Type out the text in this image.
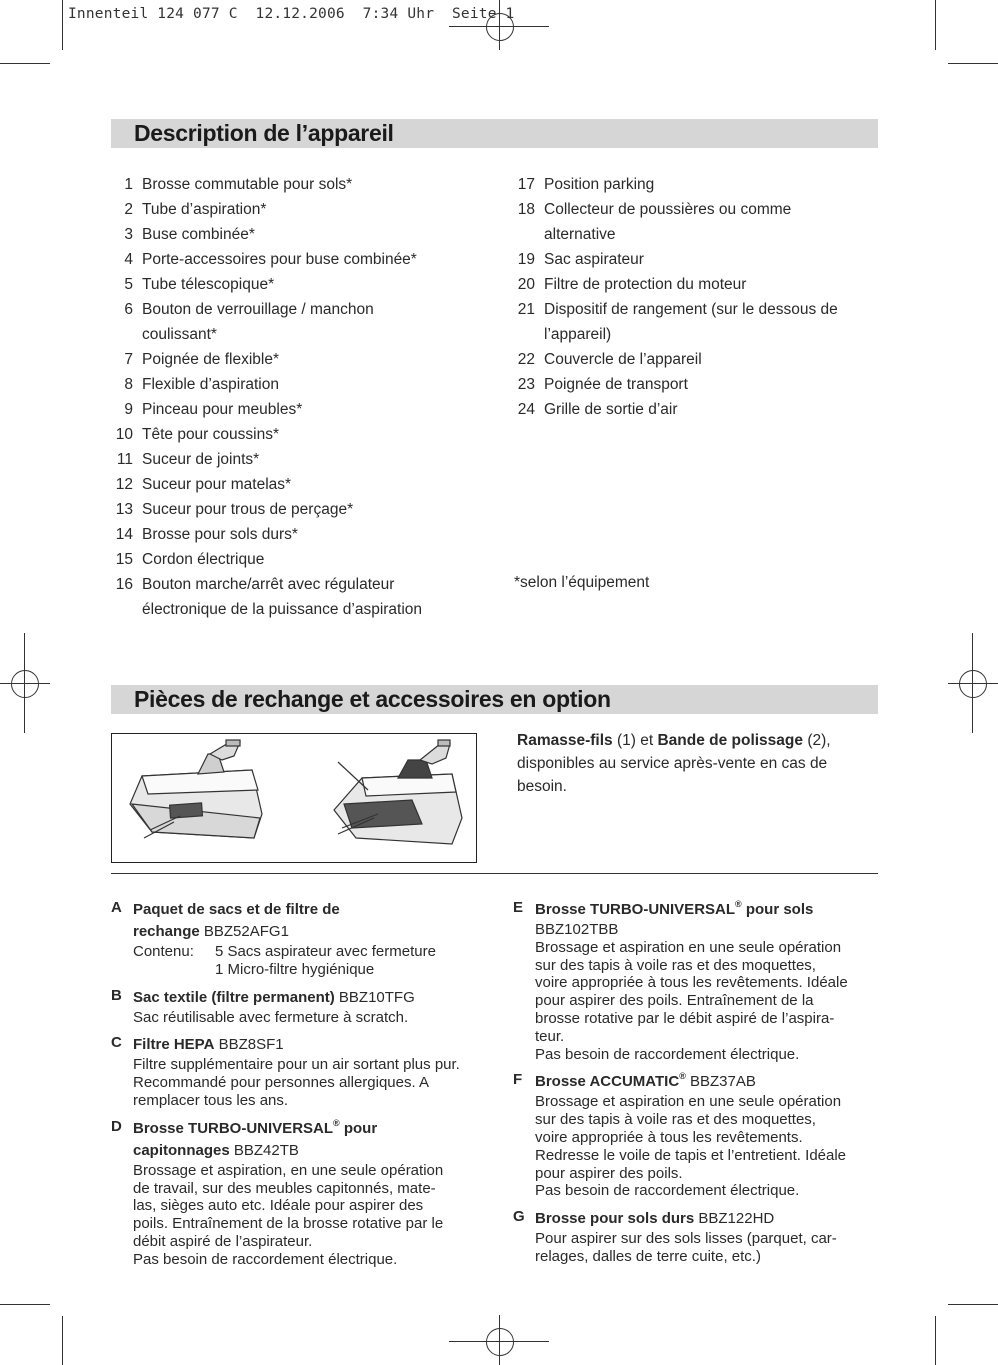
Innenteil 124 077 C  12.12.2006  7:34 Uhr  Seite 1
Description de l’appareil
1 Brosse commutable pour sols*
2 Tube d’aspiration*
3 Buse combinée*
4 Porte-accessoires pour buse combinée*
5 Tube télescopique*
6 Bouton de verrouillage / manchon
coulissant*
7 Poignée de flexible*
8 Flexible d’aspiration
9 Pinceau pour meubles*
10 Tête pour coussins*
11 Suceur de joints*
12 Suceur pour matelas*
13 Suceur pour trous de perçage*
14 Brosse pour sols durs*
15 Cordon électrique
16 Bouton marche/arrêt avec régulateur
électronique de la puissance d’aspiration
17 Position parking
18 Collecteur de poussières ou comme
alternative
19 Sac aspirateur
20 Filtre de protection du moteur
21 Dispositif de rangement (sur le dessous de
l’appareil)
22 Couvercle de l’appareil
23 Poignée de transport
24 Grille de sortie d’air
*selon l’équipement
Pièces de rechange et accessoires en option
Ramasse-fils (1) et Bande de polissage (2),
disponibles au service après-vente en cas de
besoin.
A Paquet de sacs et de filtre de
rechange BBZ52AFG1
Contenu:	5 Sacs aspirateur avec fermeture
1 Micro-filtre hygiénique
B Sac textile (filtre permanent) BBZ10TFG
Sac réutilisable avec fermeture à scratch.
C Filtre HEPA BBZ8SF1
Filtre supplémentaire pour un air sortant plus pur.
Recommandé pour personnes allergiques. A
remplacer tous les ans.
D Brosse TURBO-UNIVERSAL® pour
capitonnages BBZ42TB
Brossage et aspiration, en une seule opération
de travail, sur des meubles capitonnés, mate-
las, sièges auto etc. Idéale pour aspirer des
poils. Entraînement de la brosse rotative par le
débit aspiré de l’aspirateur.
Pas besoin de raccordement électrique.
E Brosse TURBO-UNIVERSAL® pour sols
BBZ102TBB
Brossage et aspiration en une seule opération
sur des tapis à voile ras et des moquettes,
voire appropriée à tous les revêtements. Idéale
pour aspirer des poils. Entraînement de la
brosse rotative par le débit aspiré de l’aspira-
teur.
Pas besoin de raccordement électrique.
F Brosse ACCUMATIC® BBZ37AB
Brossage et aspiration en une seule opération
sur des tapis à voile ras et des moquettes,
voire appropriée à tous les revêtements.
Redresse le voile de tapis et l’entretient. Idéale
pour aspirer des poils.
Pas besoin de raccordement électrique.
G Brosse pour sols durs BBZ122HD
Pour aspirer sur des sols lisses (parquet, car-
relages, dalles de terre cuite, etc.)
